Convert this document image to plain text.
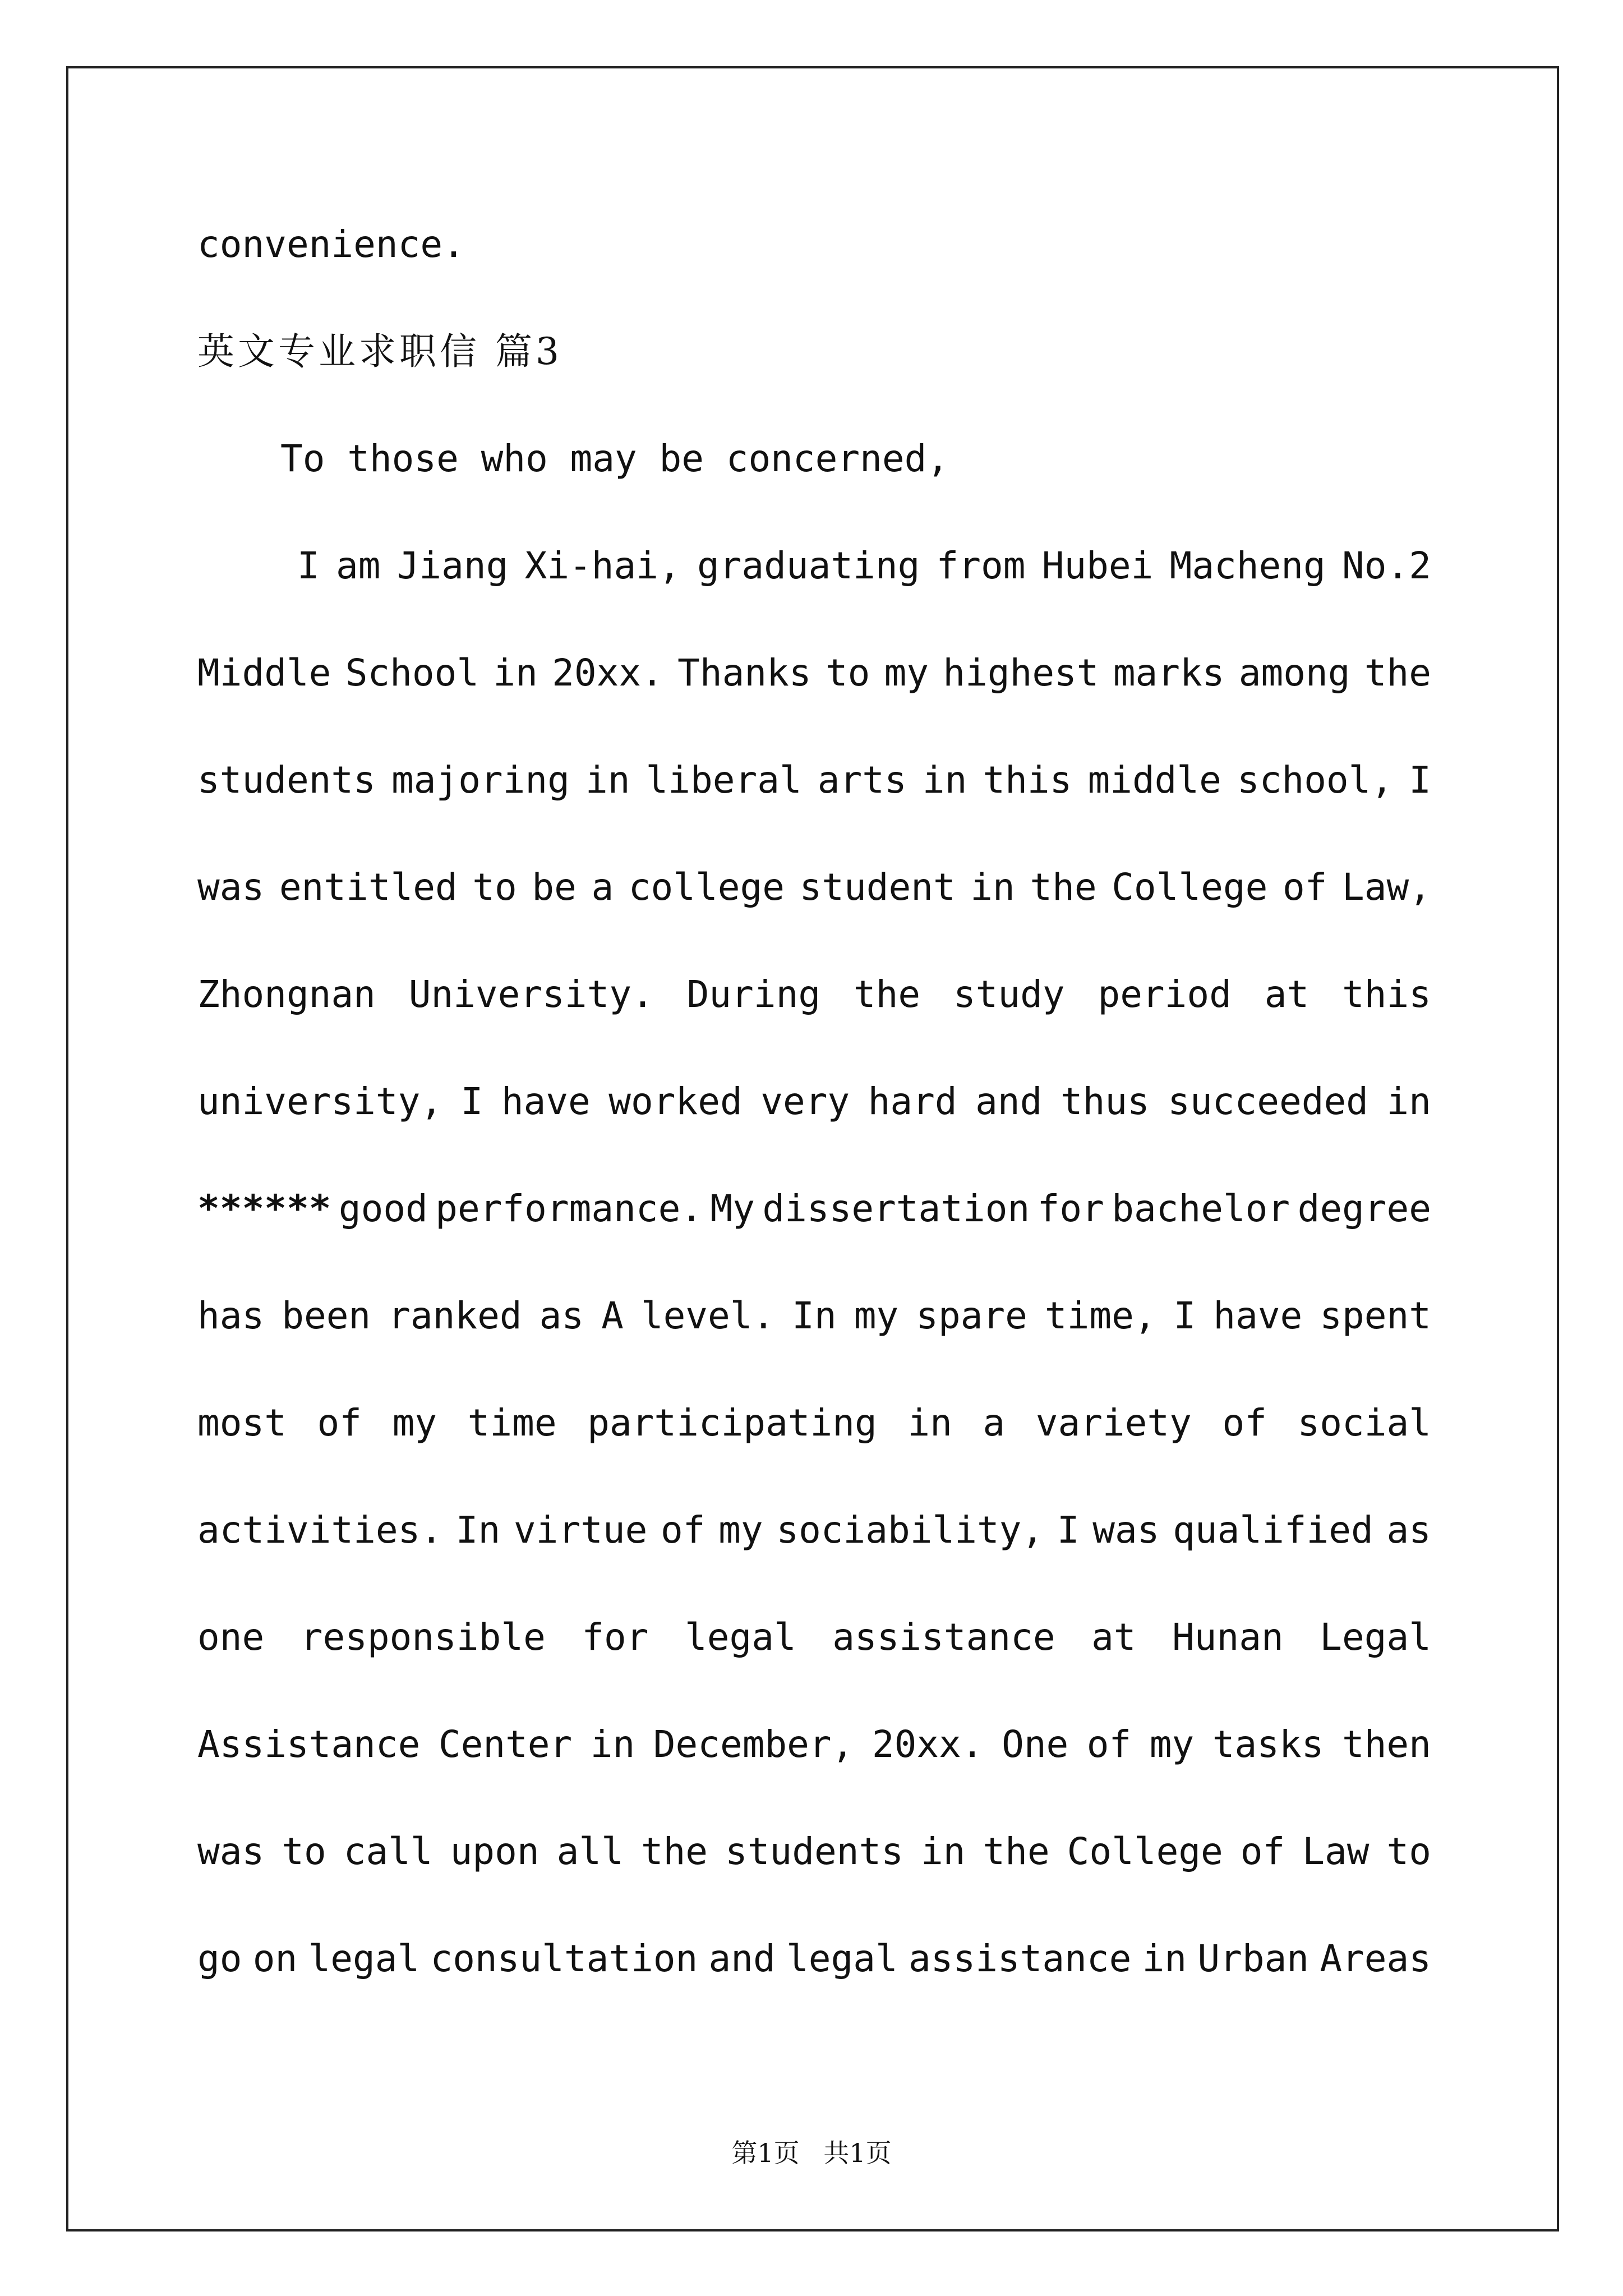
convenience.

英文专业求职信 篇3

To those who may be concerned,

I am Jiang Xi-hai, graduating from Hubei Macheng No.2
Middle School in 20xx. Thanks to my highest marks among the
students majoring in liberal arts in this middle school, I
was entitled to be a college student in the College of Law,
Zhongnan University. During the study period at this
university, I have worked very hard and thus succeeded in
****** good performance. My dissertation for bachelor degree
has been ranked as A level. In my spare time, I have spent
most of my time participating in a variety of social
activities. In virtue of my sociability, I was qualified as
one responsible for legal assistance at Hunan Legal
Assistance Center in December, 20xx. One of my tasks then
was to call upon all the students in the College of Law to
go on legal consultation and legal assistance in Urban Areas
第1页 共1页
